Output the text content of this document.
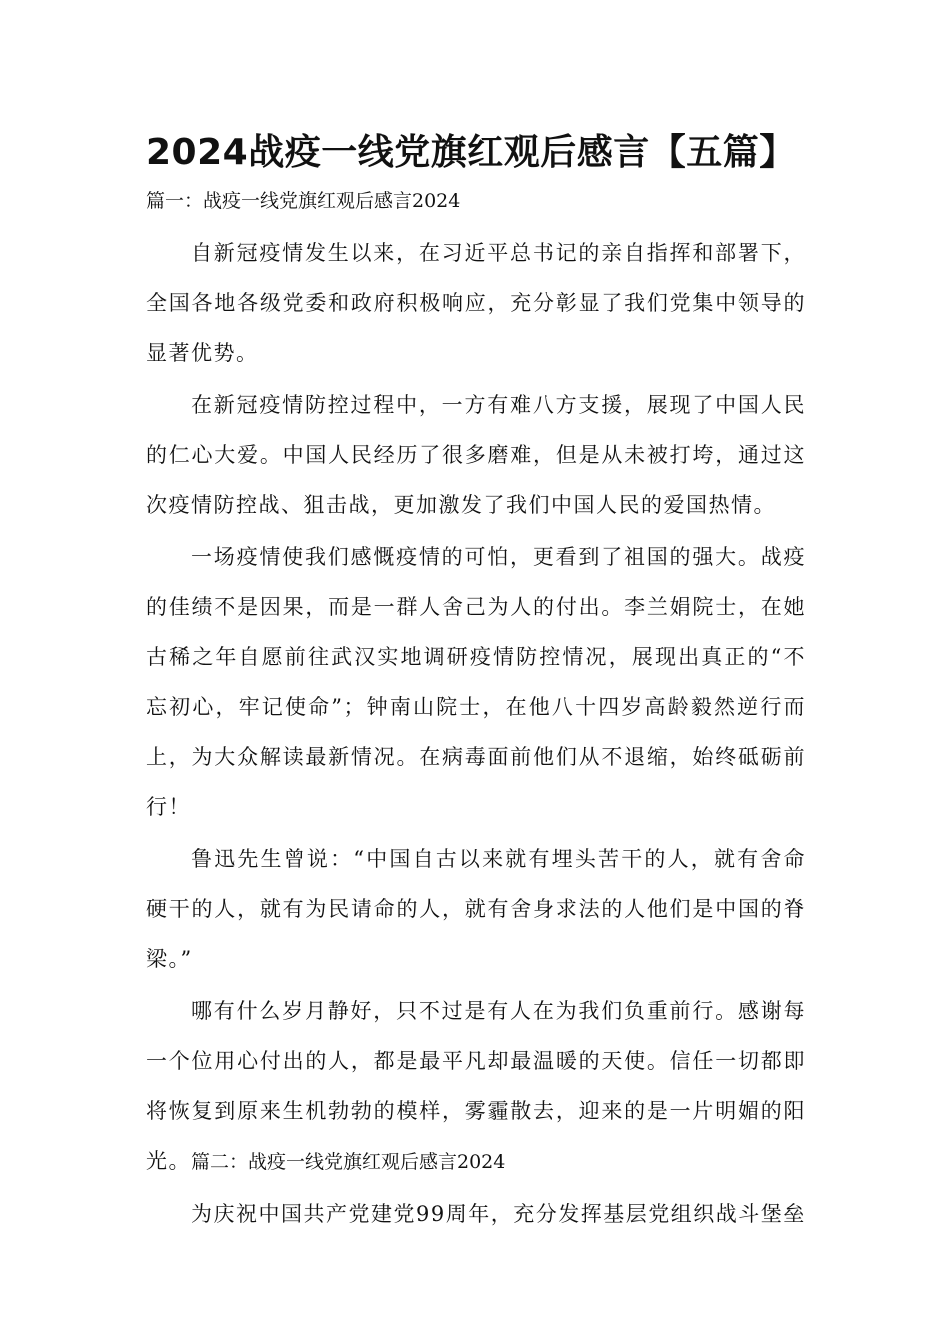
2024战疫一线党旗红观后感言【五篇】
篇一：战疫一线党旗红观后感言2024

自新冠疫情发生以来，在习近平总书记的亲自指挥和部署下，全国各地各级党委和政府积极响应，充分彰显了我们党集中领导的显著优势。

在新冠疫情防控过程中，一方有难八方支援，展现了中国人民的仁心大爱。中国人民经历了很多磨难，但是从未被打垮，通过这次疫情防控战、狙击战，更加激发了我们中国人民的爱国热情。

一场疫情使我们感慨疫情的可怕，更看到了祖国的强大。战疫的佳绩不是因果，而是一群人舍己为人的付出。李兰娟院士，在她古稀之年自愿前往武汉实地调研疫情防控情况，展现出真正的“不忘初心，牢记使命”；钟南山院士，在他八十四岁高龄毅然逆行而上，为大众解读最新情况。在病毒面前他们从不退缩，始终砥砺前行！

鲁迅先生曾说：“中国自古以来就有埋头苦干的人，就有舍命硬干的人，就有为民请命的人，就有舍身求法的人他们是中国的脊梁。”

哪有什么岁月静好，只不过是有人在为我们负重前行。感谢每一个位用心付出的人，都是最平凡却最温暖的天使。信任一切都即将恢复到原来生机勃勃的模样，雾霾散去，迎来的是一片明媚的阳光。篇二：战疫一线党旗红观后感言2024

为庆祝中国共产党建党99周年，充分发挥基层党组织战斗堡垒
